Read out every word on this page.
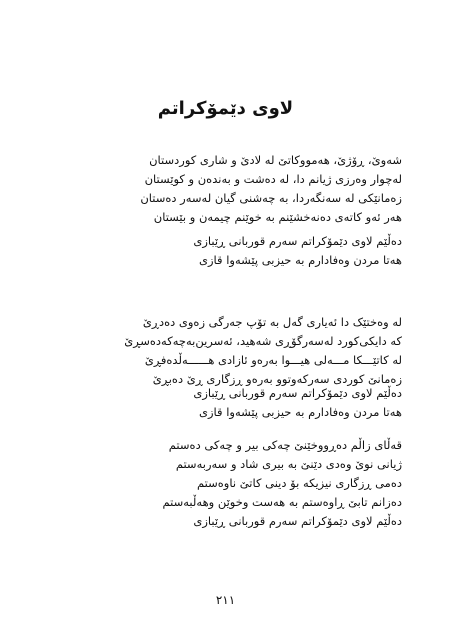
لاوی دێمۆکراتم
شەوێ، ڕۆژێ، هەمووکاتێ لە لادێ و شاری کوردستان
لەچوار وەرزی ژیانم دا، لە دەشت و بەندەن و کوێستان
زەمانێکی لە سەنگەردا، بە چەشنی گیان لەسەر دەستان
هەر ئەو کاتەی دەنەخشێنم بە خوێنم چیمەن و بێستان
دەڵێم لاوی دێمۆکراتم سەرم قوربانی ڕێبازی
هەتا مردن وەفادارم بە حیزبی پێشەوا قازی
لە وەختێک دا ئەیاری گەل بە تۆپ جەرگی زەوی دەدڕێ
کە دایکی‌کورد لەسەرگۆڕی شەهید، ئەسرین‌بەچەکەدەسڕێ
لە کاتێـــکا مـــەلی هیـــوا بەرەو ئازادی هــــــەڵدەفڕێ
زەمانێ کوردی سەرکەوتوو بەرەو ڕزگاری ڕێ دەبڕێ
دەڵێم لاوی دێمۆکراتم سەرم قوربانی ڕێبازی
هەتا مردن وەفادارم بە حیزبی پێشەوا قازی
قەڵای زاڵم دەڕووخێنێ چەکی بیر و چەکی دەستم
ژیانی نوێ وەدی دێنێ بە بیری شاد و سەربەستم
دەمی ڕزگاری نیزیکە بۆ دینی کاتێ ناوەستم
دەزانم تابێ ڕاوەستم بە هەست وخوێن وهەڵبەستم
دەڵێم لاوی دێمۆکراتم سەرم قوربانی ڕێبازی
٢١١
